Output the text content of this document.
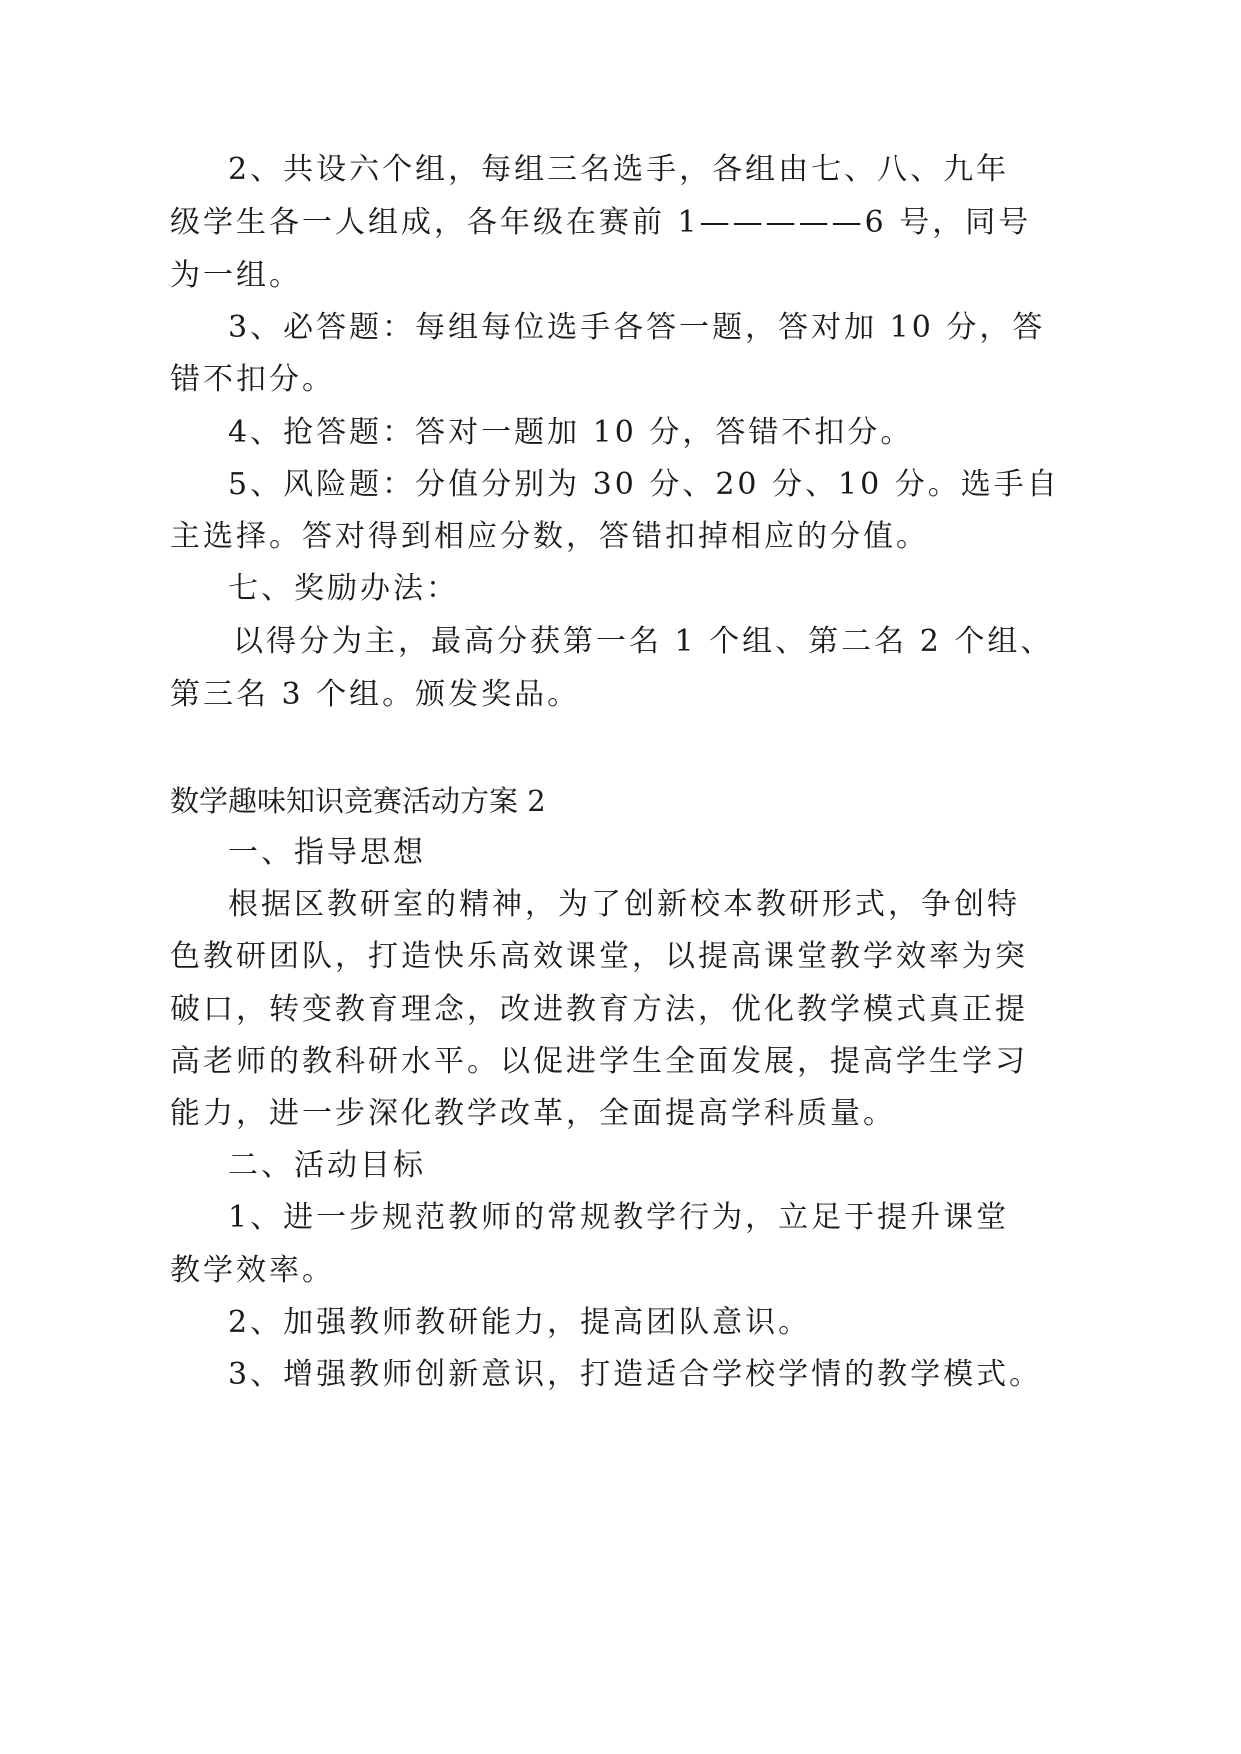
2、共设六个组，每组三名选手，各组由七、八、九年
级学生各一人组成，各年级在赛前 1—————6 号，同号
为一组。
3、必答题：每组每位选手各答一题，答对加 10 分，答
错不扣分。
4、抢答题：答对一题加 10 分，答错不扣分。
5、风险题：分值分别为 30 分、20 分、10 分。选手自
主选择。答对得到相应分数，答错扣掉相应的分值。
七、奖励办法：
以得分为主，最高分获第一名 1 个组、第二名 2 个组、
第三名 3 个组。颁发奖品。
数学趣味知识竞赛活动方案 2
一、指导思想
根据区教研室的精神，为了创新校本教研形式，争创特
色教研团队，打造快乐高效课堂，以提高课堂教学效率为突
破口，转变教育理念，改进教育方法，优化教学模式真正提
高老师的教科研水平。以促进学生全面发展，提高学生学习
能力，进一步深化教学改革，全面提高学科质量。
二、活动目标
1、进一步规范教师的常规教学行为，立足于提升课堂
教学效率。
2、加强教师教研能力，提高团队意识。
3、增强教师创新意识，打造适合学校学情的教学模式。
